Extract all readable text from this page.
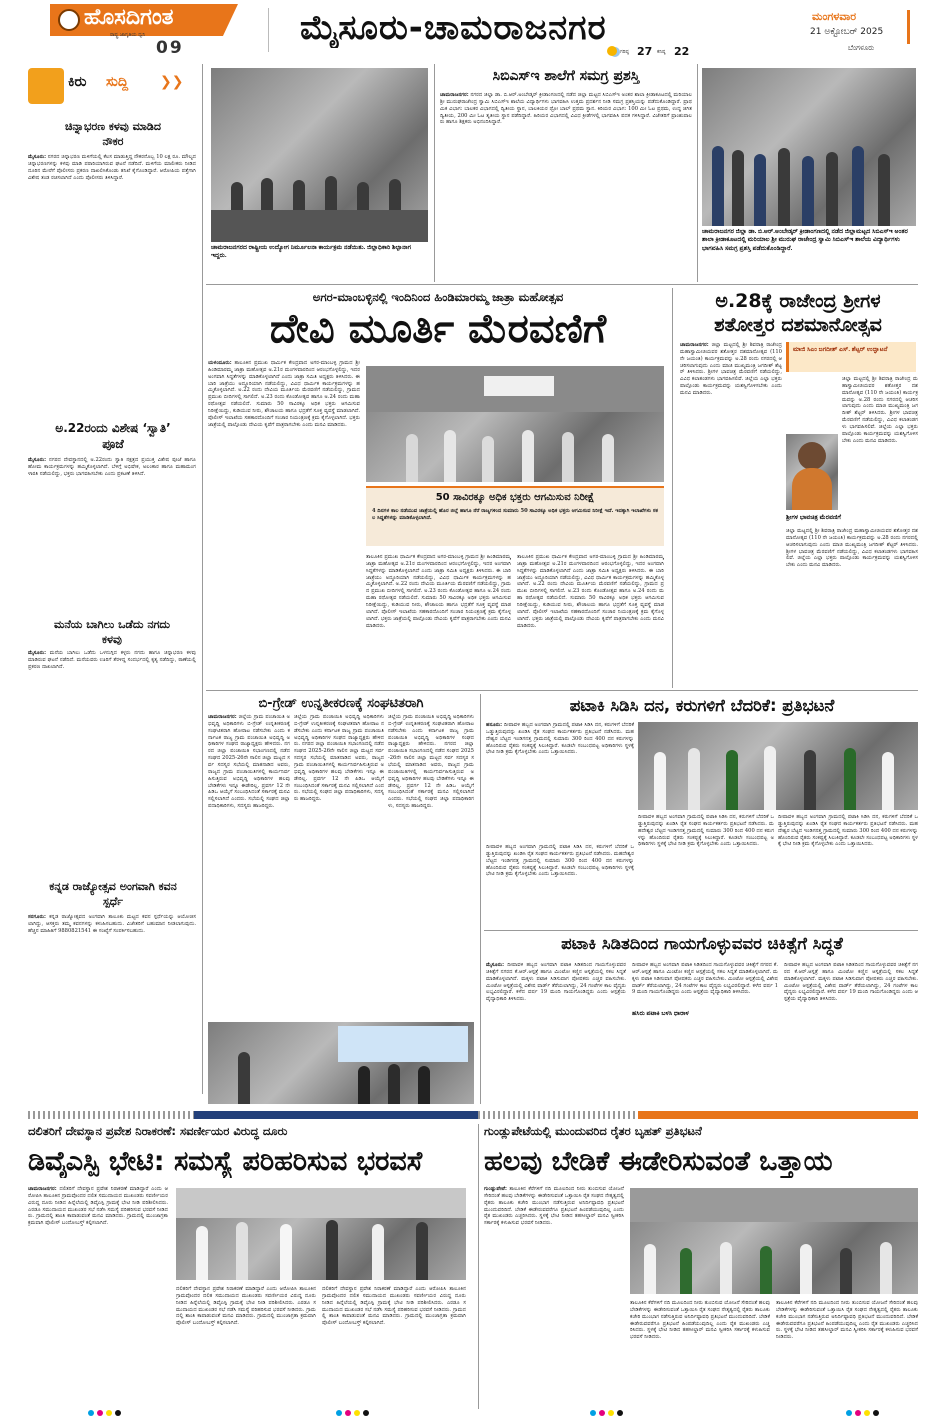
ಹೊಸದಿಗಂತ
ರಾಷ್ಟ್ರ ಜಾಗೃತಿಯ ಧ್ವನಿ
09	ಮೈಸೂರು-ಚಾಮರಾಜನಗರ
ಗರಿಷ್ಠ 27 ಕನಿಷ್ಠ 22
ಮಂಗಳವಾರ
21 ಅಕ್ಟೋಬರ್ 2025
ಬೆಂಗಳೂರು
ಕಿರು ಸುದ್ದಿ ❯❯
ಚಿನ್ನಾಭರಣ ಕಳವು ಮಾಡಿದ ನೌಕರ
ಮೈಸೂರು: ನಗರದ ಚಿನ್ನಾಭರಣ ಮಳಿಗೆಯಲ್ಲಿ ಕೆಲಸ ಮಾಡುತ್ತಿದ್ದ ನೌಕರನೊಬ್ಬ 10 ಲಕ್ಷ ರೂ. ಮೌಲ್ಯದ ಚಿನ್ನಾಭರಣಗಳನ್ನು ಕಳವು ಮಾಡಿ ಪರಾರಿಯಾಗಿರುವ ಘಟನೆ ನಡೆದಿದೆ. ಮಳಿಗೆಯ ಮಾಲೀಕರು ನೀಡಿದ ದೂರಿನ ಮೇರೆಗೆ ಪೊಲೀಸರು ಪ್ರಕರಣ ದಾಖಲಿಸಿಕೊಂಡು ತನಿಖೆ ಕೈಗೊಂಡಿದ್ದಾರೆ. ಆರೋಪಿಯ ಪತ್ತೆಗಾಗಿ ವಿಶೇಷ ತಂಡ ರಚಿಸಲಾಗಿದೆ ಎಂದು ಪೊಲೀಸರು ತಿಳಿಸಿದ್ದಾರೆ.
ಅ.22ರಂದು ವಿಶೇಷ ‘ಸ್ವಾತಿ’ ಪೂಜೆ
ಮೈಸೂರು: ನಗರದ ದೇವಸ್ಥಾನದಲ್ಲಿ ಅ.22ರಂದು ಸ್ವಾತಿ ನಕ್ಷತ್ರದ ಪ್ರಯುಕ್ತ ವಿಶೇಷ ಪೂಜೆ ಹಾಗೂ ಹೋಮ ಕಾರ್ಯಕ್ರಮಗಳನ್ನು ಹಮ್ಮಿಕೊಳ್ಳಲಾಗಿದೆ. ಬೆಳಿಗ್ಗೆ ಅಭಿಷೇಕ, ಅಲಂಕಾರ ಹಾಗೂ ಮಹಾಮಂಗಳಾರತಿ ನಡೆಯಲಿದ್ದು, ಭಕ್ತರು ಭಾಗವಹಿಸಬೇಕು ಎಂದು ಪ್ರಕಟಣೆ ತಿಳಿಸಿದೆ.
ಮನೆಯ ಬಾಗಿಲು ಒಡೆದು ನಗದು ಕಳವು
ಮೈಸೂರು: ಮನೆಯ ಬಾಗಿಲು ಒಡೆದು ಒಳನುಗ್ಗಿದ ಕಳ್ಳರು ನಗದು ಹಾಗೂ ಚಿನ್ನಾಭರಣ ಕಳವು ಮಾಡಿರುವ ಘಟನೆ ನಡೆದಿದೆ. ಮನೆಯವರು ಊರಿಗೆ ತೆರಳಿದ್ದ ಸಂದರ್ಭದಲ್ಲಿ ಕೃತ್ಯ ನಡೆದಿದ್ದು, ಠಾಣೆಯಲ್ಲಿ ಪ್ರಕರಣ ದಾಖಲಾಗಿದೆ.
ಕನ್ನಡ ರಾಜ್ಯೋತ್ಸವ ಅಂಗವಾಗಿ ಕವನ ಸ್ಪರ್ಧೆ
ಸರಗೂರು: ಕನ್ನಡ ರಾಜ್ಯೋತ್ಸವದ ಅಂಗವಾಗಿ ತಾಲೂಕು ಮಟ್ಟದ ಕವನ ಸ್ಪರ್ಧೆಯನ್ನು ಆಯೋಜಿಸಲಾಗಿದ್ದು, ಆಸಕ್ತರು ತಮ್ಮ ಕವನಗಳನ್ನು ಕಳುಹಿಸಬಹುದು. ವಿಜೇತರಿಗೆ ಬಹುಮಾನ ನೀಡಲಾಗುವುದು. ಹೆಚ್ಚಿನ ಮಾಹಿತಿಗೆ 9880821541 ಈ ಸಂಖ್ಯೆಗೆ ಸಂಪರ್ಕಿಸಬಹುದು.
ಚಾಮರಾಜನಗರದ ರಾಷ್ಟ್ರೀಯ ಉದ್ಯೋಗ ನಿರ್ಮೂಲನಾ ಕಾರ್ಯಕ್ರಮ ನಡೆಯಿತು. ಜಿಲ್ಲಾಧಿಕಾರಿ ಶಿಲ್ಪಾನಾಗ ಇದ್ದರು.
ಸಿಬಿಎಸ್‌ಇ ಶಾಲೆಗೆ ಸಮಗ್ರ ಪ್ರಶಸ್ತಿ
ಚಾಮರಾಜನಗರ: ನಗರದ ಜಿಲ್ಲಾ ಡಾ. ಬಿ.ಆರ್.ಅಂಬೇಡ್ಕರ್ ಕ್ರೀಡಾಂಗಣದಲ್ಲಿ ನಡೆದ ಜಿಲ್ಲಾ ಮಟ್ಟದ ಸಿಬಿಎಸ್‌ಇ ಅಂತರ ಶಾಲಾ ಕ್ರೀಡಾಕೂಟದಲ್ಲಿ ಮರಿಯಾಲ ಶ್ರೀ ಮುರುಘರಾಜೇಂದ್ರ ಸ್ವಾಮಿ ಸಿಬಿಎಸ್‌ಇ ಶಾಲೆಯ ವಿದ್ಯಾರ್ಥಿಗಳು ಭಾಗವಹಿಸಿ ಉತ್ತಮ ಪ್ರದರ್ಶನ ನೀಡಿ ಸಮಗ್ರ ಪ್ರಶಸ್ತಿಯನ್ನು ಪಡೆದುಕೊಂಡಿದ್ದಾರೆ. ಪ್ರಾಥಮಿಕ ವಿಭಾಗ: ಬಾಲಕರ ವಿಭಾಗದಲ್ಲಿ ದ್ವಿತೀಯ ಸ್ಥಾನ, ಬಾಲಕಿಯರ ಥ್ರೋ ಬಾಲ್ ಪ್ರಥಮ ಸ್ಥಾನ. ಕಿರಿಯರ ವಿಭಾಗ: 100 ಮೀ ಓಟ ಪ್ರಥಮ, ಉದ್ದ ಜಿಗಿತ ದ್ವಿತೀಯ, 200 ಮೀ ಓಟ ತೃತೀಯ ಸ್ಥಾನ ಪಡೆದಿದ್ದಾರೆ. ಹಿರಿಯರ ವಿಭಾಗದಲ್ಲಿ ವಿವಿಧ ಕ್ರೀಡೆಗಳಲ್ಲಿ ಭಾಗವಹಿಸಿ ಪದಕ ಗಳಿಸಿದ್ದಾರೆ. ವಿಜೇತರಿಗೆ ಪ್ರಾಂಶುಪಾಲರು ಹಾಗೂ ಶಿಕ್ಷಕರು ಅಭಿನಂದಿಸಿದ್ದಾರೆ.
ಚಾಮರಾಜನಗರ ಜಿಲ್ಲಾ ಡಾ. ಬಿ.ಆರ್.ಅಂಬೇಡ್ಕರ್ ಕ್ರೀಡಾಂಗಣದಲ್ಲಿ ನಡೆದ ಜಿಲ್ಲಾಮಟ್ಟದ ಸಿಬಿಎಸ್‌ಇ ಅಂತರ ಶಾಲಾ ಕ್ರೀಡಾಕೂಟದಲ್ಲಿ ಮರಿಯಾಲ ಶ್ರೀ ಮುರುಘ ರಾಜೇಂದ್ರ ಸ್ವಾಮಿ ಸಿಬಿಎಸ್‌ಇ ಶಾಲೆಯ ವಿದ್ಯಾರ್ಥಿಗಳು ಭಾಗವಹಿಸಿ ಸಮಗ್ರ ಪ್ರಶಸ್ತಿ ಪಡೆದುಕೊಂಡಿದ್ದಾರೆ.
ಅಗರ-ಮಾಂಬಳ್ಳಿನಲ್ಲಿ ಇಂದಿನಿಂದ ಹಿಂಡಿಮಾರಮ್ಮ ಜಾತ್ರಾ ಮಹೋತ್ಸವ
ದೇವಿ ಮೂರ್ತಿ ಮೆರವಣಿಗೆ
ಯಳಂದೂರು: ತಾಲೂಕಿನ ಪ್ರಮುಖ ಧಾರ್ಮಿಕ ಕೇಂದ್ರವಾದ ಅಗರ-ಮಾಂಬಳ್ಳಿ ಗ್ರಾಮದ ಶ್ರೀ ಹಿಂಡಿಮಾರಮ್ಮ ಜಾತ್ರಾ ಮಹೋತ್ಸವ ಅ.21ರ ಮಂಗಳವಾರದಿಂದ ಆರಂಭಗೊಳ್ಳಲಿದ್ದು, ಇದರ ಅಂಗವಾಗಿ ಸಿದ್ಧತೆಗಳನ್ನು ಮಾಡಿಕೊಳ್ಳಲಾಗಿದೆ ಎಂದು ಜಾತ್ರಾ ಸಮಿತಿ ಅಧ್ಯಕ್ಷರು ತಿಳಿಸಿದರು. ಈ ಬಾರಿ ಜಾತ್ರೆಯು ಅದ್ದೂರಿಯಾಗಿ ನಡೆಯಲಿದ್ದು, ವಿವಿಧ ಧಾರ್ಮಿಕ ಕಾರ್ಯಕ್ರಮಗಳನ್ನು ಹಮ್ಮಿಕೊಳ್ಳಲಾಗಿದೆ. ಅ.22 ರಂದು ದೇವಿಯ ಮೂರ್ತಿಯ ಮೆರವಣಿಗೆ ನಡೆಯಲಿದ್ದು, ಗ್ರಾಮದ ಪ್ರಮುಖ ಬೀದಿಗಳಲ್ಲಿ ಸಾಗಲಿದೆ. ಅ.23 ರಂದು ಕೊಂಡೋತ್ಸವ ಹಾಗೂ ಅ.24 ರಂದು ಮಹಾ ರಥೋತ್ಸವ ನಡೆಯಲಿದೆ. ಸುಮಾರು 50 ಸಾವಿರಕ್ಕೂ ಅಧಿಕ ಭಕ್ತರು ಆಗಮಿಸುವ ನಿರೀಕ್ಷೆಯಿದ್ದು, ಕುಡಿಯುವ ನೀರು, ಶೌಚಾಲಯ ಹಾಗೂ ಭದ್ರತೆಗೆ ಸೂಕ್ತ ವ್ಯವಸ್ಥೆ ಮಾಡಲಾಗಿದೆ. ಪೊಲೀಸ್ ಇಲಾಖೆಯ ಸಹಕಾರದೊಂದಿಗೆ ಸಂಚಾರ ನಿಯಂತ್ರಣಕ್ಕೆ ಕ್ರಮ ಕೈಗೊಳ್ಳಲಾಗಿದೆ. ಭಕ್ತರು ಜಾತ್ರೆಯಲ್ಲಿ ಪಾಲ್ಗೊಂಡು ದೇವಿಯ ಕೃಪೆಗೆ ಪಾತ್ರರಾಗಬೇಕು ಎಂದು ಮನವಿ ಮಾಡಿದರು.
50 ಸಾವಿರಕ್ಕೂ ಅಧಿಕ ಭಕ್ತರು ಆಗಮಿಸುವ ನಿರೀಕ್ಷೆ
4 ದಿನಗಳ ಕಾಲ ನಡೆಯುವ ಜಾತ್ರೆಯಲ್ಲಿ ಹೊರ ಜಿಲ್ಲೆ ಹಾಗೂ ನೆರೆ ರಾಜ್ಯಗಳಿಂದ ಸುಮಾರು 50 ಸಾವಿರಕ್ಕೂ ಅಧಿಕ ಭಕ್ತರು ಆಗಮಿಸುವ ನಿರೀಕ್ಷೆ ಇದೆ. ಇದಕ್ಕಾಗಿ ಇಲಾಖೆಗಳು ಸಕಲ ಸಿದ್ಧತೆಗಳನ್ನು ಮಾಡಿಕೊಳ್ಳಲಾಗಿದೆ.
ತಾಲೂಕಿನ ಪ್ರಮುಖ ಧಾರ್ಮಿಕ ಕೇಂದ್ರವಾದ ಅಗರ-ಮಾಂಬಳ್ಳಿ ಗ್ರಾಮದ ಶ್ರೀ ಹಿಂಡಿಮಾರಮ್ಮ ಜಾತ್ರಾ ಮಹೋತ್ಸವ ಅ.21ರ ಮಂಗಳವಾರದಿಂದ ಆರಂಭಗೊಳ್ಳಲಿದ್ದು, ಇದರ ಅಂಗವಾಗಿ ಸಿದ್ಧತೆಗಳನ್ನು ಮಾಡಿಕೊಳ್ಳಲಾಗಿದೆ ಎಂದು ಜಾತ್ರಾ ಸಮಿತಿ ಅಧ್ಯಕ್ಷರು ತಿಳಿಸಿದರು. ಈ ಬಾರಿ ಜಾತ್ರೆಯು ಅದ್ದೂರಿಯಾಗಿ ನಡೆಯಲಿದ್ದು, ವಿವಿಧ ಧಾರ್ಮಿಕ ಕಾರ್ಯಕ್ರಮಗಳನ್ನು ಹಮ್ಮಿಕೊಳ್ಳಲಾಗಿದೆ. ಅ.22 ರಂದು ದೇವಿಯ ಮೂರ್ತಿಯ ಮೆರವಣಿಗೆ ನಡೆಯಲಿದ್ದು, ಗ್ರಾಮದ ಪ್ರಮುಖ ಬೀದಿಗಳಲ್ಲಿ ಸಾಗಲಿದೆ. ಅ.23 ರಂದು ಕೊಂಡೋತ್ಸವ ಹಾಗೂ ಅ.24 ರಂದು ಮಹಾ ರಥೋತ್ಸವ ನಡೆಯಲಿದೆ. ಸುಮಾರು 50 ಸಾವಿರಕ್ಕೂ ಅಧಿಕ ಭಕ್ತರು ಆಗಮಿಸುವ ನಿರೀಕ್ಷೆಯಿದ್ದು, ಕುಡಿಯುವ ನೀರು, ಶೌಚಾಲಯ ಹಾಗೂ ಭದ್ರತೆಗೆ ಸೂಕ್ತ ವ್ಯವಸ್ಥೆ ಮಾಡಲಾಗಿದೆ. ಪೊಲೀಸ್ ಇಲಾಖೆಯ ಸಹಕಾರದೊಂದಿಗೆ ಸಂಚಾರ ನಿಯಂತ್ರಣಕ್ಕೆ ಕ್ರಮ ಕೈಗೊಳ್ಳಲಾಗಿದೆ. ಭಕ್ತರು ಜಾತ್ರೆಯಲ್ಲಿ ಪಾಲ್ಗೊಂಡು ದೇವಿಯ ಕೃಪೆಗೆ ಪಾತ್ರರಾಗಬೇಕು ಎಂದು ಮನವಿ ಮಾಡಿದರು.
ತಾಲೂಕಿನ ಪ್ರಮುಖ ಧಾರ್ಮಿಕ ಕೇಂದ್ರವಾದ ಅಗರ-ಮಾಂಬಳ್ಳಿ ಗ್ರಾಮದ ಶ್ರೀ ಹಿಂಡಿಮಾರಮ್ಮ ಜಾತ್ರಾ ಮಹೋತ್ಸವ ಅ.21ರ ಮಂಗಳವಾರದಿಂದ ಆರಂಭಗೊಳ್ಳಲಿದ್ದು, ಇದರ ಅಂಗವಾಗಿ ಸಿದ್ಧತೆಗಳನ್ನು ಮಾಡಿಕೊಳ್ಳಲಾಗಿದೆ ಎಂದು ಜಾತ್ರಾ ಸಮಿತಿ ಅಧ್ಯಕ್ಷರು ತಿಳಿಸಿದರು. ಈ ಬಾರಿ ಜಾತ್ರೆಯು ಅದ್ದೂರಿಯಾಗಿ ನಡೆಯಲಿದ್ದು, ವಿವಿಧ ಧಾರ್ಮಿಕ ಕಾರ್ಯಕ್ರಮಗಳನ್ನು ಹಮ್ಮಿಕೊಳ್ಳಲಾಗಿದೆ. ಅ.22 ರಂದು ದೇವಿಯ ಮೂರ್ತಿಯ ಮೆರವಣಿಗೆ ನಡೆಯಲಿದ್ದು, ಗ್ರಾಮದ ಪ್ರಮುಖ ಬೀದಿಗಳಲ್ಲಿ ಸಾಗಲಿದೆ. ಅ.23 ರಂದು ಕೊಂಡೋತ್ಸವ ಹಾಗೂ ಅ.24 ರಂದು ಮಹಾ ರಥೋತ್ಸವ ನಡೆಯಲಿದೆ. ಸುಮಾರು 50 ಸಾವಿರಕ್ಕೂ ಅಧಿಕ ಭಕ್ತರು ಆಗಮಿಸುವ ನಿರೀಕ್ಷೆಯಿದ್ದು, ಕುಡಿಯುವ ನೀರು, ಶೌಚಾಲಯ ಹಾಗೂ ಭದ್ರತೆಗೆ ಸೂಕ್ತ ವ್ಯವಸ್ಥೆ ಮಾಡಲಾಗಿದೆ. ಪೊಲೀಸ್ ಇಲಾಖೆಯ ಸಹಕಾರದೊಂದಿಗೆ ಸಂಚಾರ ನಿಯಂತ್ರಣಕ್ಕೆ ಕ್ರಮ ಕೈಗೊಳ್ಳಲಾಗಿದೆ. ಭಕ್ತರು ಜಾತ್ರೆಯಲ್ಲಿ ಪಾಲ್ಗೊಂಡು ದೇವಿಯ ಕೃಪೆಗೆ ಪಾತ್ರರಾಗಬೇಕು ಎಂದು ಮನವಿ ಮಾಡಿದರು.
ಅ.28ಕ್ಕೆ ರಾಜೇಂದ್ರ ಶ್ರೀಗಳ
ಶತೋತ್ತರ ದಶಮಾನೋತ್ಸವ
ಚಾಮರಾಜನಗರ: ಜಿಲ್ಲಾ ಮಟ್ಟದಲ್ಲಿ ಶ್ರೀ ಶಿವರಾತ್ರಿ ರಾಜೇಂದ್ರ ಮಹಾಸ್ವಾಮೀಜಿಯವರ ಶತೋತ್ತರ ದಶಮಾನೋತ್ಸವ (110 ನೇ ಜಯಂತಿ) ಕಾರ್ಯಕ್ರಮವನ್ನು ಅ.28 ರಂದು ನಗರದಲ್ಲಿ ಆಚರಿಸಲಾಗುವುದು ಎಂದು ಮಾಜಿ ಮುಖ್ಯಮಂತ್ರಿ ಜಗದೀಶ್ ಶೆಟ್ಟರ್ ತಿಳಿಸಿದರು. ಶ್ರೀಗಳ ಭಾವಚಿತ್ರ ಮೆರವಣಿಗೆ ನಡೆಯಲಿದ್ದು, ವಿವಿಧ ಕಲಾತಂಡಗಳು ಭಾಗವಹಿಸಲಿವೆ. ಜಿಲ್ಲೆಯ ಎಲ್ಲಾ ಭಕ್ತರು ಪಾಲ್ಗೊಂಡು ಕಾರ್ಯಕ್ರಮವನ್ನು ಯಶಸ್ವಿಗೊಳಿಸಬೇಕು ಎಂದು ಮನವಿ ಮಾಡಿದರು.
ಮಾಜಿ ಸಿಎಂ ಜಗದೀಶ್ ಎಸ್. ಶೆಟ್ಟರ್ ಉದ್ಘಾಟನೆ
ಜಿಲ್ಲಾ ಮಟ್ಟದಲ್ಲಿ ಶ್ರೀ ಶಿವರಾತ್ರಿ ರಾಜೇಂದ್ರ ಮಹಾಸ್ವಾಮೀಜಿಯವರ ಶತೋತ್ತರ ದಶಮಾನೋತ್ಸವ (110 ನೇ ಜಯಂತಿ) ಕಾರ್ಯಕ್ರಮವನ್ನು ಅ.28 ರಂದು ನಗರದಲ್ಲಿ ಆಚರಿಸಲಾಗುವುದು ಎಂದು ಮಾಜಿ ಮುಖ್ಯಮಂತ್ರಿ ಜಗದೀಶ್ ಶೆಟ್ಟರ್ ತಿಳಿಸಿದರು. ಶ್ರೀಗಳ ಭಾವಚಿತ್ರ ಮೆರವಣಿಗೆ ನಡೆಯಲಿದ್ದು, ವಿವಿಧ ಕಲಾತಂಡಗಳು ಭಾಗವಹಿಸಲಿವೆ. ಜಿಲ್ಲೆಯ ಎಲ್ಲಾ ಭಕ್ತರು ಪಾಲ್ಗೊಂಡು ಕಾರ್ಯಕ್ರಮವನ್ನು ಯಶಸ್ವಿಗೊಳಿಸಬೇಕು ಎಂದು ಮನವಿ ಮಾಡಿದರು.
ಶ್ರೀಗಳ ಭಾವಚಿತ್ರ ಮೆರವಣಿಗೆ
ಜಿಲ್ಲಾ ಮಟ್ಟದಲ್ಲಿ ಶ್ರೀ ಶಿವರಾತ್ರಿ ರಾಜೇಂದ್ರ ಮಹಾಸ್ವಾಮೀಜಿಯವರ ಶತೋತ್ತರ ದಶಮಾನೋತ್ಸವ (110 ನೇ ಜಯಂತಿ) ಕಾರ್ಯಕ್ರಮವನ್ನು ಅ.28 ರಂದು ನಗರದಲ್ಲಿ ಆಚರಿಸಲಾಗುವುದು ಎಂದು ಮಾಜಿ ಮುಖ್ಯಮಂತ್ರಿ ಜಗದೀಶ್ ಶೆಟ್ಟರ್ ತಿಳಿಸಿದರು. ಶ್ರೀಗಳ ಭಾವಚಿತ್ರ ಮೆರವಣಿಗೆ ನಡೆಯಲಿದ್ದು, ವಿವಿಧ ಕಲಾತಂಡಗಳು ಭಾಗವಹಿಸಲಿವೆ. ಜಿಲ್ಲೆಯ ಎಲ್ಲಾ ಭಕ್ತರು ಪಾಲ್ಗೊಂಡು ಕಾರ್ಯಕ್ರಮವನ್ನು ಯಶಸ್ವಿಗೊಳಿಸಬೇಕು ಎಂದು ಮನವಿ ಮಾಡಿದರು.
ಬಿ-ಗ್ರೇಡ್ ಉನ್ನತೀಕರಣಕ್ಕೆ ಸಂಘಟಿತರಾಗಿ
ಚಾಮರಾಜನಗರ: ಜಿಲ್ಲೆಯ ಗ್ರಾಮ ಪಂಚಾಯಿತಿ ಅಭಿವೃದ್ಧಿ ಅಧಿಕಾರಿಗಳು ಬಿ-ಗ್ರೇಡ್ ಉನ್ನತೀಕರಣಕ್ಕೆ ಸಂಘಟಿತರಾಗಿ ಹೋರಾಟ ನಡೆಸಬೇಕು ಎಂದು ಕರ್ನಾಟಕ ರಾಜ್ಯ ಗ್ರಾಮ ಪಂಚಾಯಿತಿ ಅಭಿವೃದ್ಧಿ ಅಧಿಕಾರಿಗಳ ಸಂಘದ ರಾಜ್ಯಾಧ್ಯಕ್ಷರು ಹೇಳಿದರು. ನಗರದ ಜಿಲ್ಲಾ ಪಂಚಾಯಿತಿ ಸಭಾಂಗಣದಲ್ಲಿ ನಡೆದ ಸಂಘದ 2025-26ನೇ ಸಾಲಿನ ಜಿಲ್ಲಾ ಮಟ್ಟದ ಸರ್ವ ಸದಸ್ಯರ ಸಭೆಯಲ್ಲಿ ಮಾತನಾಡಿದ ಅವರು, ರಾಜ್ಯದ ಗ್ರಾಮ ಪಂಚಾಯಿತಿಗಳಲ್ಲಿ ಕಾರ್ಯನಿರ್ವಹಿಸುತ್ತಿರುವ ಅಭಿವೃದ್ಧಿ ಅಧಿಕಾರಿಗಳ ಹಲವು ಬೇಡಿಕೆಗಳು ಇನ್ನೂ ಈಡೇರಿಲ್ಲ. ಪ್ರವರ್ಗ 12 ನೇ ಪಿಡಿಒ ಆಯ್ಕೆಗೆ ಸಂಬಂಧಿಸಿದಂತೆ ಸರ್ಕಾರಕ್ಕೆ ಮನವಿ ಸಲ್ಲಿಸಲಾಗಿದೆ ಎಂದರು. ಸಭೆಯಲ್ಲಿ ಸಂಘದ ಜಿಲ್ಲಾ ಪದಾಧಿಕಾರಿಗಳು, ಸದಸ್ಯರು ಹಾಜರಿದ್ದರು.
ಜಿಲ್ಲೆಯ ಗ್ರಾಮ ಪಂಚಾಯಿತಿ ಅಭಿವೃದ್ಧಿ ಅಧಿಕಾರಿಗಳು ಬಿ-ಗ್ರೇಡ್ ಉನ್ನತೀಕರಣಕ್ಕೆ ಸಂಘಟಿತರಾಗಿ ಹೋರಾಟ ನಡೆಸಬೇಕು ಎಂದು ಕರ್ನಾಟಕ ರಾಜ್ಯ ಗ್ರಾಮ ಪಂಚಾಯಿತಿ ಅಭಿವೃದ್ಧಿ ಅಧಿಕಾರಿಗಳ ಸಂಘದ ರಾಜ್ಯಾಧ್ಯಕ್ಷರು ಹೇಳಿದರು. ನಗರದ ಜಿಲ್ಲಾ ಪಂಚಾಯಿತಿ ಸಭಾಂಗಣದಲ್ಲಿ ನಡೆದ ಸಂಘದ 2025-26ನೇ ಸಾಲಿನ ಜಿಲ್ಲಾ ಮಟ್ಟದ ಸರ್ವ ಸದಸ್ಯರ ಸಭೆಯಲ್ಲಿ ಮಾತನಾಡಿದ ಅವರು, ರಾಜ್ಯದ ಗ್ರಾಮ ಪಂಚಾಯಿತಿಗಳಲ್ಲಿ ಕಾರ್ಯನಿರ್ವಹಿಸುತ್ತಿರುವ ಅಭಿವೃದ್ಧಿ ಅಧಿಕಾರಿಗಳ ಹಲವು ಬೇಡಿಕೆಗಳು ಇನ್ನೂ ಈಡೇರಿಲ್ಲ. ಪ್ರವರ್ಗ 12 ನೇ ಪಿಡಿಒ ಆಯ್ಕೆಗೆ ಸಂಬಂಧಿಸಿದಂತೆ ಸರ್ಕಾರಕ್ಕೆ ಮನವಿ ಸಲ್ಲಿಸಲಾಗಿದೆ ಎಂದರು. ಸಭೆಯಲ್ಲಿ ಸಂಘದ ಜಿಲ್ಲಾ ಪದಾಧಿಕಾರಿಗಳು, ಸದಸ್ಯರು ಹಾಜರಿದ್ದರು.
ಜಿಲ್ಲೆಯ ಗ್ರಾಮ ಪಂಚಾಯಿತಿ ಅಭಿವೃದ್ಧಿ ಅಧಿಕಾರಿಗಳು ಬಿ-ಗ್ರೇಡ್ ಉನ್ನತೀಕರಣಕ್ಕೆ ಸಂಘಟಿತರಾಗಿ ಹೋರಾಟ ನಡೆಸಬೇಕು ಎಂದು ಕರ್ನಾಟಕ ರಾಜ್ಯ ಗ್ರಾಮ ಪಂಚಾಯಿತಿ ಅಭಿವೃದ್ಧಿ ಅಧಿಕಾರಿಗಳ ಸಂಘದ ರಾಜ್ಯಾಧ್ಯಕ್ಷರು ಹೇಳಿದರು. ನಗರದ ಜಿಲ್ಲಾ ಪಂಚಾಯಿತಿ ಸಭಾಂಗಣದಲ್ಲಿ ನಡೆದ ಸಂಘದ 2025-26ನೇ ಸಾಲಿನ ಜಿಲ್ಲಾ ಮಟ್ಟದ ಸರ್ವ ಸದಸ್ಯರ ಸಭೆಯಲ್ಲಿ ಮಾತನಾಡಿದ ಅವರು, ರಾಜ್ಯದ ಗ್ರಾಮ ಪಂಚಾಯಿತಿಗಳಲ್ಲಿ ಕಾರ್ಯನಿರ್ವಹಿಸುತ್ತಿರುವ ಅಭಿವೃದ್ಧಿ ಅಧಿಕಾರಿಗಳ ಹಲವು ಬೇಡಿಕೆಗಳು ಇನ್ನೂ ಈಡೇರಿಲ್ಲ. ಪ್ರವರ್ಗ 12 ನೇ ಪಿಡಿಒ ಆಯ್ಕೆಗೆ ಸಂಬಂಧಿಸಿದಂತೆ ಸರ್ಕಾರಕ್ಕೆ ಮನವಿ ಸಲ್ಲಿಸಲಾಗಿದೆ ಎಂದರು. ಸಭೆಯಲ್ಲಿ ಸಂಘದ ಜಿಲ್ಲಾ ಪದಾಧಿಕಾರಿಗಳು, ಸದಸ್ಯರು ಹಾಜರಿದ್ದರು.
ಪಟಾಕಿ ಸಿಡಿಸಿ ದನ, ಕರುಗಳಿಗೆ ಬೆದರಿಕೆ: ಪ್ರತಿಭಟನೆ
ಹನೂರು: ದೀಪಾವಳಿ ಹಬ್ಬದ ಅಂಗವಾಗಿ ಗ್ರಾಮದಲ್ಲಿ ಪಟಾಕಿ ಸಿಡಿಸಿ ದನ, ಕರುಗಳಿಗೆ ಬೆದರಿಕೆ ಒಡ್ಡುತ್ತಿರುವುದನ್ನು ಖಂಡಿಸಿ ರೈತ ಸಂಘದ ಕಾರ್ಯಕರ್ತರು ಪ್ರತಿಭಟನೆ ನಡೆಸಿದರು. ಮಹದೇಶ್ವರ ಬೆಟ್ಟದ ಇಂಡಿಗನತ್ತ ಗ್ರಾಮದಲ್ಲಿ ಸುಮಾರು 300 ರಿಂದ 400 ದನ ಕರುಗಳನ್ನು ಹೊಂದಿರುವ ರೈತರು ಸಂಕಷ್ಟಕ್ಕೆ ಸಿಲುಕಿದ್ದಾರೆ. ಕೂಡಲೇ ಸಂಬಂಧಪಟ್ಟ ಅಧಿಕಾರಿಗಳು ಸ್ಥಳಕ್ಕೆ ಭೇಟಿ ನೀಡಿ ಕ್ರಮ ಕೈಗೊಳ್ಳಬೇಕು ಎಂದು ಒತ್ತಾಯಿಸಿದರು.
ದೀಪಾವಳಿ ಹಬ್ಬದ ಅಂಗವಾಗಿ ಗ್ರಾಮದಲ್ಲಿ ಪಟಾಕಿ ಸಿಡಿಸಿ ದನ, ಕರುಗಳಿಗೆ ಬೆದರಿಕೆ ಒಡ್ಡುತ್ತಿರುವುದನ್ನು ಖಂಡಿಸಿ ರೈತ ಸಂಘದ ಕಾರ್ಯಕರ್ತರು ಪ್ರತಿಭಟನೆ ನಡೆಸಿದರು. ಮಹದೇಶ್ವರ ಬೆಟ್ಟದ ಇಂಡಿಗನತ್ತ ಗ್ರಾಮದಲ್ಲಿ ಸುಮಾರು 300 ರಿಂದ 400 ದನ ಕರುಗಳನ್ನು ಹೊಂದಿರುವ ರೈತರು ಸಂಕಷ್ಟಕ್ಕೆ ಸಿಲುಕಿದ್ದಾರೆ. ಕೂಡಲೇ ಸಂಬಂಧಪಟ್ಟ ಅಧಿಕಾರಿಗಳು ಸ್ಥಳಕ್ಕೆ ಭೇಟಿ ನೀಡಿ ಕ್ರಮ ಕೈಗೊಳ್ಳಬೇಕು ಎಂದು ಒತ್ತಾಯಿಸಿದರು.
ದೀಪಾವಳಿ ಹಬ್ಬದ ಅಂಗವಾಗಿ ಗ್ರಾಮದಲ್ಲಿ ಪಟಾಕಿ ಸಿಡಿಸಿ ದನ, ಕರುಗಳಿಗೆ ಬೆದರಿಕೆ ಒಡ್ಡುತ್ತಿರುವುದನ್ನು ಖಂಡಿಸಿ ರೈತ ಸಂಘದ ಕಾರ್ಯಕರ್ತರು ಪ್ರತಿಭಟನೆ ನಡೆಸಿದರು. ಮಹದೇಶ್ವರ ಬೆಟ್ಟದ ಇಂಡಿಗನತ್ತ ಗ್ರಾಮದಲ್ಲಿ ಸುಮಾರು 300 ರಿಂದ 400 ದನ ಕರುಗಳನ್ನು ಹೊಂದಿರುವ ರೈತರು ಸಂಕಷ್ಟಕ್ಕೆ ಸಿಲುಕಿದ್ದಾರೆ. ಕೂಡಲೇ ಸಂಬಂಧಪಟ್ಟ ಅಧಿಕಾರಿಗಳು ಸ್ಥಳಕ್ಕೆ ಭೇಟಿ ನೀಡಿ ಕ್ರಮ ಕೈಗೊಳ್ಳಬೇಕು ಎಂದು ಒತ್ತಾಯಿಸಿದರು.
ದೀಪಾವಳಿ ಹಬ್ಬದ ಅಂಗವಾಗಿ ಗ್ರಾಮದಲ್ಲಿ ಪಟಾಕಿ ಸಿಡಿಸಿ ದನ, ಕರುಗಳಿಗೆ ಬೆದರಿಕೆ ಒಡ್ಡುತ್ತಿರುವುದನ್ನು ಖಂಡಿಸಿ ರೈತ ಸಂಘದ ಕಾರ್ಯಕರ್ತರು ಪ್ರತಿಭಟನೆ ನಡೆಸಿದರು. ಮಹದೇಶ್ವರ ಬೆಟ್ಟದ ಇಂಡಿಗನತ್ತ ಗ್ರಾಮದಲ್ಲಿ ಸುಮಾರು 300 ರಿಂದ 400 ದನ ಕರುಗಳನ್ನು ಹೊಂದಿರುವ ರೈತರು ಸಂಕಷ್ಟಕ್ಕೆ ಸಿಲುಕಿದ್ದಾರೆ. ಕೂಡಲೇ ಸಂಬಂಧಪಟ್ಟ ಅಧಿಕಾರಿಗಳು ಸ್ಥಳಕ್ಕೆ ಭೇಟಿ ನೀಡಿ ಕ್ರಮ ಕೈಗೊಳ್ಳಬೇಕು ಎಂದು ಒತ್ತಾಯಿಸಿದರು.
ಪಟಾಕಿ ಸಿಡಿತದಿಂದ ಗಾಯಗೊಳ್ಳುವವರ ಚಿಕಿತ್ಸೆಗೆ ಸಿದ್ಧತೆ
ಮೈಸೂರು: ದೀಪಾವಳಿ ಹಬ್ಬದ ಅಂಗವಾಗಿ ಪಟಾಕಿ ಸಿಡಿತದಿಂದ ಗಾಯಗೊಳ್ಳುವವರ ಚಿಕಿತ್ಸೆಗೆ ನಗರದ ಕೆ.ಆರ್.ಆಸ್ಪತ್ರೆ ಹಾಗೂ ಮಿಂಟೋ ಕಣ್ಣಿನ ಆಸ್ಪತ್ರೆಯಲ್ಲಿ ಸಕಲ ಸಿದ್ಧತೆ ಮಾಡಿಕೊಳ್ಳಲಾಗಿದೆ. ಮಕ್ಕಳು ಪಟಾಕಿ ಸಿಡಿಸುವಾಗ ಪೋಷಕರು ಎಚ್ಚರ ವಹಿಸಬೇಕು. ಮಿಂಟೋ ಆಸ್ಪತ್ರೆಯಲ್ಲಿ ವಿಶೇಷ ವಾರ್ಡ್ ತೆರೆಯಲಾಗಿದ್ದು, 24 ಗಂಟೆಗಳ ಕಾಲ ವೈದ್ಯರು ಲಭ್ಯವಿರಲಿದ್ದಾರೆ. ಕಳೆದ ವರ್ಷ 19 ಮಂದಿ ಗಾಯಗೊಂಡಿದ್ದರು ಎಂದು ಆಸ್ಪತ್ರೆಯ ವೈದ್ಯಾಧಿಕಾರಿ ತಿಳಿಸಿದರು.
ದೀಪಾವಳಿ ಹಬ್ಬದ ಅಂಗವಾಗಿ ಪಟಾಕಿ ಸಿಡಿತದಿಂದ ಗಾಯಗೊಳ್ಳುವವರ ಚಿಕಿತ್ಸೆಗೆ ನಗರದ ಕೆ.ಆರ್.ಆಸ್ಪತ್ರೆ ಹಾಗೂ ಮಿಂಟೋ ಕಣ್ಣಿನ ಆಸ್ಪತ್ರೆಯಲ್ಲಿ ಸಕಲ ಸಿದ್ಧತೆ ಮಾಡಿಕೊಳ್ಳಲಾಗಿದೆ. ಮಕ್ಕಳು ಪಟಾಕಿ ಸಿಡಿಸುವಾಗ ಪೋಷಕರು ಎಚ್ಚರ ವಹಿಸಬೇಕು. ಮಿಂಟೋ ಆಸ್ಪತ್ರೆಯಲ್ಲಿ ವಿಶೇಷ ವಾರ್ಡ್ ತೆರೆಯಲಾಗಿದ್ದು, 24 ಗಂಟೆಗಳ ಕಾಲ ವೈದ್ಯರು ಲಭ್ಯವಿರಲಿದ್ದಾರೆ. ಕಳೆದ ವರ್ಷ 19 ಮಂದಿ ಗಾಯಗೊಂಡಿದ್ದರು ಎಂದು ಆಸ್ಪತ್ರೆಯ ವೈದ್ಯಾಧಿಕಾರಿ ತಿಳಿಸಿದರು.
ಹಸಿರು ಪಟಾಕಿ ಬಳಸಿ ಧಾರಾಳ
ದೀಪಾವಳಿ ಹಬ್ಬದ ಅಂಗವಾಗಿ ಪಟಾಕಿ ಸಿಡಿತದಿಂದ ಗಾಯಗೊಳ್ಳುವವರ ಚಿಕಿತ್ಸೆಗೆ ನಗರದ ಕೆ.ಆರ್.ಆಸ್ಪತ್ರೆ ಹಾಗೂ ಮಿಂಟೋ ಕಣ್ಣಿನ ಆಸ್ಪತ್ರೆಯಲ್ಲಿ ಸಕಲ ಸಿದ್ಧತೆ ಮಾಡಿಕೊಳ್ಳಲಾಗಿದೆ. ಮಕ್ಕಳು ಪಟಾಕಿ ಸಿಡಿಸುವಾಗ ಪೋಷಕರು ಎಚ್ಚರ ವಹಿಸಬೇಕು. ಮಿಂಟೋ ಆಸ್ಪತ್ರೆಯಲ್ಲಿ ವಿಶೇಷ ವಾರ್ಡ್ ತೆರೆಯಲಾಗಿದ್ದು, 24 ಗಂಟೆಗಳ ಕಾಲ ವೈದ್ಯರು ಲಭ್ಯವಿರಲಿದ್ದಾರೆ. ಕಳೆದ ವರ್ಷ 19 ಮಂದಿ ಗಾಯಗೊಂಡಿದ್ದರು ಎಂದು ಆಸ್ಪತ್ರೆಯ ವೈದ್ಯಾಧಿಕಾರಿ ತಿಳಿಸಿದರು.
ದಲಿತರಿಗೆ ದೇವಸ್ಥಾನ ಪ್ರವೇಶ ನಿರಾಕರಣೆ: ಸವರ್ಣೀಯರ ವಿರುದ್ಧ ದೂರು
ಡಿವೈಎಸ್ಪಿ ಭೇಟಿ: ಸಮಸ್ಯೆ ಪರಿಹರಿಸುವ ಭರವಸೆ
ಚಾಮರಾಜನಗರ: ದಲಿತರಿಗೆ ದೇವಸ್ಥಾನ ಪ್ರವೇಶ ನಿರಾಕರಣೆ ಮಾಡಿದ್ದಾರೆ ಎಂದು ಆರೋಪಿಸಿ ತಾಲೂಕಿನ ಗ್ರಾಮವೊಂದರ ದಲಿತ ಸಮುದಾಯದ ಮುಖಂಡರು ಸವರ್ಣೀಯರ ವಿರುದ್ಧ ದೂರು ನೀಡಿದ ಹಿನ್ನೆಲೆಯಲ್ಲಿ ಡಿವೈಎಸ್ಪಿ ಗ್ರಾಮಕ್ಕೆ ಭೇಟಿ ನೀಡಿ ಪರಿಶೀಲಿಸಿದರು. ಎರಡೂ ಸಮುದಾಯದ ಮುಖಂಡರ ಸಭೆ ನಡೆಸಿ ಸಮಸ್ಯೆ ಪರಿಹರಿಸುವ ಭರವಸೆ ನೀಡಿದರು. ಗ್ರಾಮದಲ್ಲಿ ಶಾಂತಿ ಕಾಪಾಡುವಂತೆ ಮನವಿ ಮಾಡಿದರು. ಗ್ರಾಮದಲ್ಲಿ ಮುಂಜಾಗ್ರತಾ ಕ್ರಮವಾಗಿ ಪೊಲೀಸ್ ಬಂದೋಬಸ್ತ್ ಕಲ್ಪಿಸಲಾಗಿದೆ.
ದಲಿತರಿಗೆ ದೇವಸ್ಥಾನ ಪ್ರವೇಶ ನಿರಾಕರಣೆ ಮಾಡಿದ್ದಾರೆ ಎಂದು ಆರೋಪಿಸಿ ತಾಲೂಕಿನ ಗ್ರಾಮವೊಂದರ ದಲಿತ ಸಮುದಾಯದ ಮುಖಂಡರು ಸವರ್ಣೀಯರ ವಿರುದ್ಧ ದೂರು ನೀಡಿದ ಹಿನ್ನೆಲೆಯಲ್ಲಿ ಡಿವೈಎಸ್ಪಿ ಗ್ರಾಮಕ್ಕೆ ಭೇಟಿ ನೀಡಿ ಪರಿಶೀಲಿಸಿದರು. ಎರಡೂ ಸಮುದಾಯದ ಮುಖಂಡರ ಸಭೆ ನಡೆಸಿ ಸಮಸ್ಯೆ ಪರಿಹರಿಸುವ ಭರವಸೆ ನೀಡಿದರು. ಗ್ರಾಮದಲ್ಲಿ ಶಾಂತಿ ಕಾಪಾಡುವಂತೆ ಮನವಿ ಮಾಡಿದರು. ಗ್ರಾಮದಲ್ಲಿ ಮುಂಜಾಗ್ರತಾ ಕ್ರಮವಾಗಿ ಪೊಲೀಸ್ ಬಂದೋಬಸ್ತ್ ಕಲ್ಪಿಸಲಾಗಿದೆ.
ದಲಿತರಿಗೆ ದೇವಸ್ಥಾನ ಪ್ರವೇಶ ನಿರಾಕರಣೆ ಮಾಡಿದ್ದಾರೆ ಎಂದು ಆರೋಪಿಸಿ ತಾಲೂಕಿನ ಗ್ರಾಮವೊಂದರ ದಲಿತ ಸಮುದಾಯದ ಮುಖಂಡರು ಸವರ್ಣೀಯರ ವಿರುದ್ಧ ದೂರು ನೀಡಿದ ಹಿನ್ನೆಲೆಯಲ್ಲಿ ಡಿವೈಎಸ್ಪಿ ಗ್ರಾಮಕ್ಕೆ ಭೇಟಿ ನೀಡಿ ಪರಿಶೀಲಿಸಿದರು. ಎರಡೂ ಸಮುದಾಯದ ಮುಖಂಡರ ಸಭೆ ನಡೆಸಿ ಸಮಸ್ಯೆ ಪರಿಹರಿಸುವ ಭರವಸೆ ನೀಡಿದರು. ಗ್ರಾಮದಲ್ಲಿ ಶಾಂತಿ ಕಾಪಾಡುವಂತೆ ಮನವಿ ಮಾಡಿದರು. ಗ್ರಾಮದಲ್ಲಿ ಮುಂಜಾಗ್ರತಾ ಕ್ರಮವಾಗಿ ಪೊಲೀಸ್ ಬಂದೋಬಸ್ತ್ ಕಲ್ಪಿಸಲಾಗಿದೆ.
ಗುಂಡ್ಲುಪೇಟೆಯಲ್ಲಿ ಮುಂದುವರಿದ ರೈತರ ಬೃಹತ್ ಪ್ರತಿಭಟನೆ
ಹಲವು ಬೇಡಿಕೆ ಈಡೇರಿಸುವಂತೆ ಒತ್ತಾಯ
ಗುಂಡ್ಲುಪೇಟೆ: ತಾಲೂಕಿನ ಕೆರೆಗಳಿಗೆ ನದಿ ಮೂಲದಿಂದ ನೀರು ತುಂಬಿಸುವ ಯೋಜನೆ ಸೇರಿದಂತೆ ಹಲವು ಬೇಡಿಕೆಗಳನ್ನು ಈಡೇರಿಸುವಂತೆ ಒತ್ತಾಯಿಸಿ ರೈತ ಸಂಘದ ನೇತೃತ್ವದಲ್ಲಿ ರೈತರು ತಾಲೂಕು ಕಚೇರಿ ಮುಂಭಾಗ ನಡೆಸುತ್ತಿರುವ ಅನಿರ್ದಿಷ್ಟಾವಧಿ ಪ್ರತಿಭಟನೆ ಮುಂದುವರಿದಿದೆ. ಬೇಡಿಕೆ ಈಡೇರುವವರೆಗೂ ಪ್ರತಿಭಟನೆ ಹಿಂಪಡೆಯುವುದಿಲ್ಲ ಎಂದು ರೈತ ಮುಖಂಡರು ಎಚ್ಚರಿಸಿದರು. ಸ್ಥಳಕ್ಕೆ ಭೇಟಿ ನೀಡಿದ ತಹಸೀಲ್ದಾರ್ ಮನವಿ ಸ್ವೀಕರಿಸಿ ಸರ್ಕಾರಕ್ಕೆ ಕಳುಹಿಸುವ ಭರವಸೆ ನೀಡಿದರು.
ತಾಲೂಕಿನ ಕೆರೆಗಳಿಗೆ ನದಿ ಮೂಲದಿಂದ ನೀರು ತುಂಬಿಸುವ ಯೋಜನೆ ಸೇರಿದಂತೆ ಹಲವು ಬೇಡಿಕೆಗಳನ್ನು ಈಡೇರಿಸುವಂತೆ ಒತ್ತಾಯಿಸಿ ರೈತ ಸಂಘದ ನೇತೃತ್ವದಲ್ಲಿ ರೈತರು ತಾಲೂಕು ಕಚೇರಿ ಮುಂಭಾಗ ನಡೆಸುತ್ತಿರುವ ಅನಿರ್ದಿಷ್ಟಾವಧಿ ಪ್ರತಿಭಟನೆ ಮುಂದುವರಿದಿದೆ. ಬೇಡಿಕೆ ಈಡೇರುವವರೆಗೂ ಪ್ರತಿಭಟನೆ ಹಿಂಪಡೆಯುವುದಿಲ್ಲ ಎಂದು ರೈತ ಮುಖಂಡರು ಎಚ್ಚರಿಸಿದರು. ಸ್ಥಳಕ್ಕೆ ಭೇಟಿ ನೀಡಿದ ತಹಸೀಲ್ದಾರ್ ಮನವಿ ಸ್ವೀಕರಿಸಿ ಸರ್ಕಾರಕ್ಕೆ ಕಳುಹಿಸುವ ಭರವಸೆ ನೀಡಿದರು.
ತಾಲೂಕಿನ ಕೆರೆಗಳಿಗೆ ನದಿ ಮೂಲದಿಂದ ನೀರು ತುಂಬಿಸುವ ಯೋಜನೆ ಸೇರಿದಂತೆ ಹಲವು ಬೇಡಿಕೆಗಳನ್ನು ಈಡೇರಿಸುವಂತೆ ಒತ್ತಾಯಿಸಿ ರೈತ ಸಂಘದ ನೇತೃತ್ವದಲ್ಲಿ ರೈತರು ತಾಲೂಕು ಕಚೇರಿ ಮುಂಭಾಗ ನಡೆಸುತ್ತಿರುವ ಅನಿರ್ದಿಷ್ಟಾವಧಿ ಪ್ರತಿಭಟನೆ ಮುಂದುವರಿದಿದೆ. ಬೇಡಿಕೆ ಈಡೇರುವವರೆಗೂ ಪ್ರತಿಭಟನೆ ಹಿಂಪಡೆಯುವುದಿಲ್ಲ ಎಂದು ರೈತ ಮುಖಂಡರು ಎಚ್ಚರಿಸಿದರು. ಸ್ಥಳಕ್ಕೆ ಭೇಟಿ ನೀಡಿದ ತಹಸೀಲ್ದಾರ್ ಮನವಿ ಸ್ವೀಕರಿಸಿ ಸರ್ಕಾರಕ್ಕೆ ಕಳುಹಿಸುವ ಭರವಸೆ ನೀಡಿದರು.
